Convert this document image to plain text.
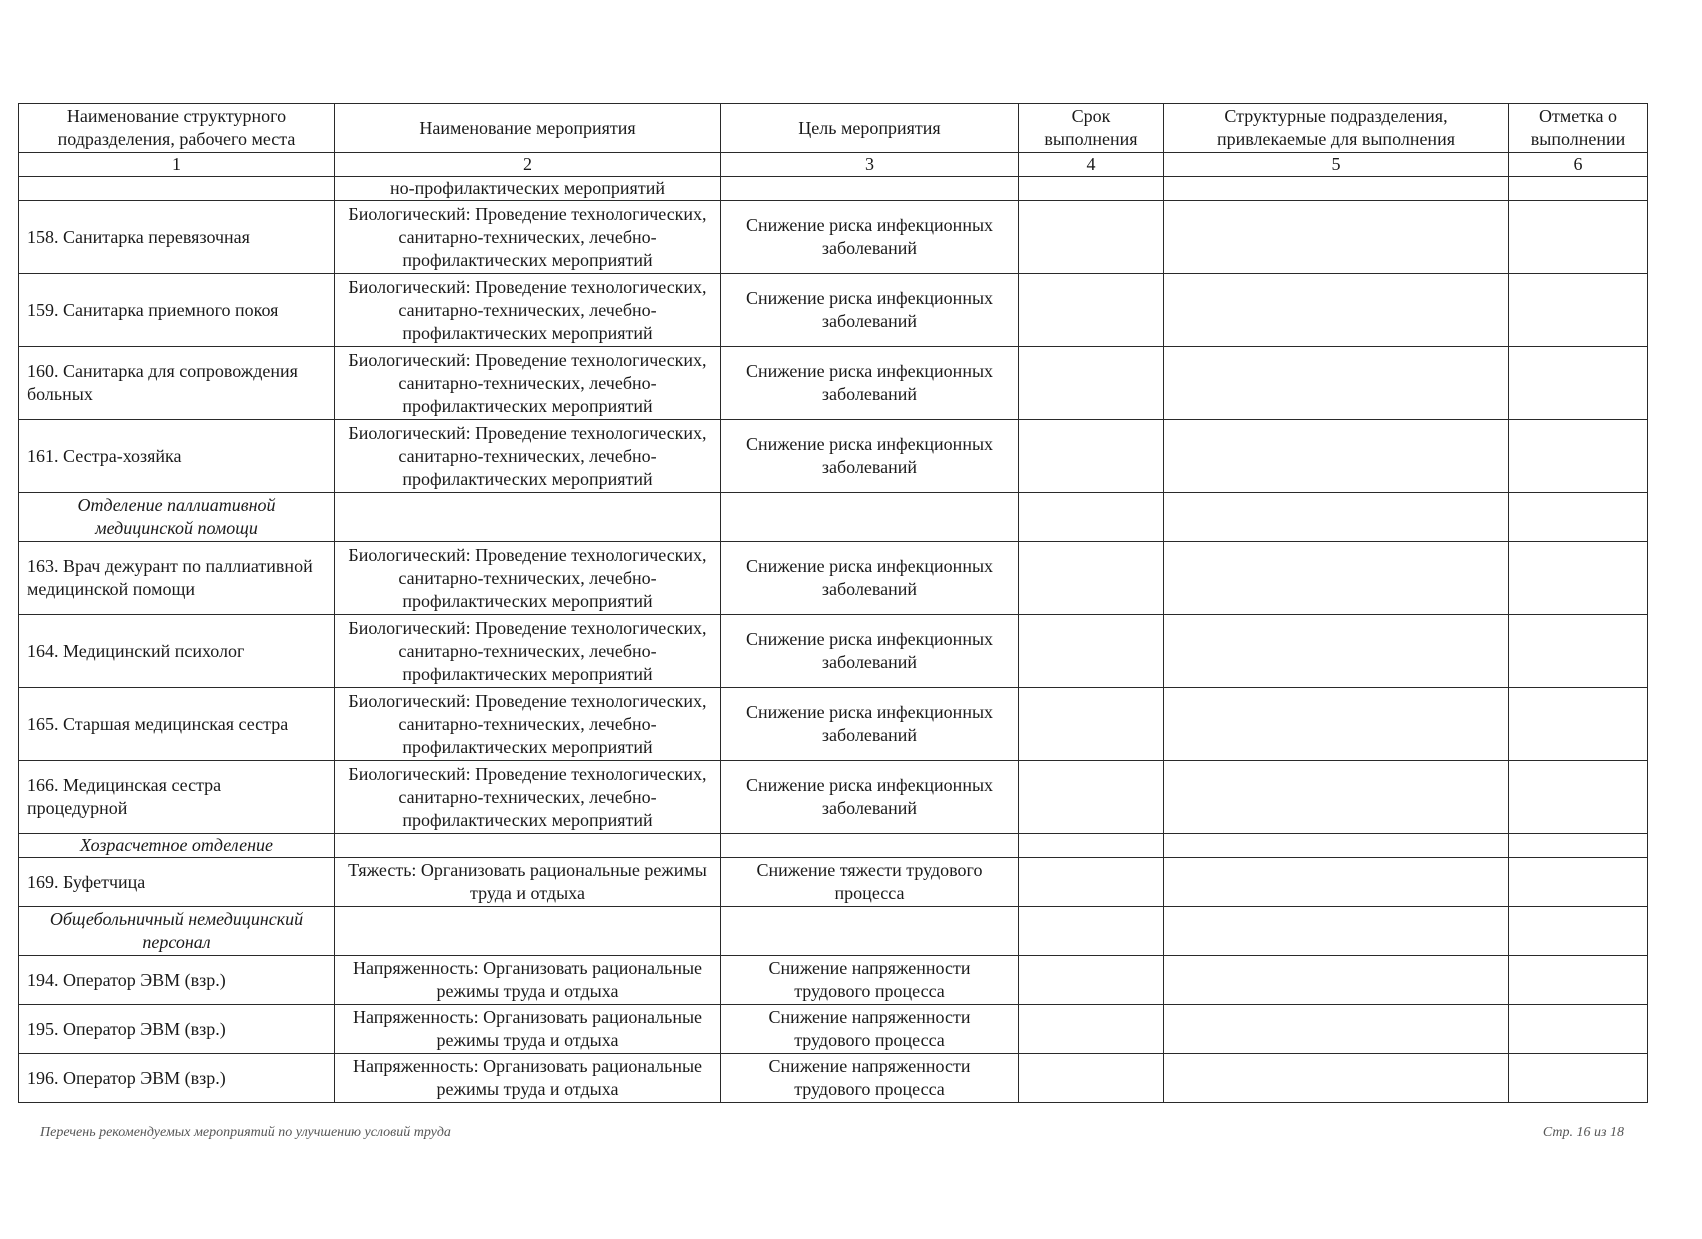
Наименование структурного подразделения, рабочего места	Наименование мероприятия	Цель мероприятия	Срок выполнения	Структурные подразделения, привлекаемые для выполнения	Отметка о выполнении
1	2	3	4	5	6
	но-профилактических мероприятий				
158. Санитарка перевязочная	Биологический: Проведение технологических, санитарно-технических, лечебно-профилактических мероприятий	Снижение риска инфекционных заболеваний			
159. Санитарка приемного покоя	Биологический: Проведение технологических, санитарно-технических, лечебно-профилактических мероприятий	Снижение риска инфекционных заболеваний			
160. Санитарка для сопровождения больных	Биологический: Проведение технологических, санитарно-технических, лечебно-профилактических мероприятий	Снижение риска инфекционных заболеваний			
161. Сестра-хозяйка	Биологический: Проведение технологических, санитарно-технических, лечебно-профилактических мероприятий	Снижение риска инфекционных заболеваний			
Отделение паллиативной медицинской помощи					
163. Врач дежурант по паллиативной медицинской помощи	Биологический: Проведение технологических, санитарно-технических, лечебно-профилактических мероприятий	Снижение риска инфекционных заболеваний			
164. Медицинский психолог	Биологический: Проведение технологических, санитарно-технических, лечебно-профилактических мероприятий	Снижение риска инфекционных заболеваний			
165. Старшая медицинская сестра	Биологический: Проведение технологических, санитарно-технических, лечебно-профилактических мероприятий	Снижение риска инфекционных заболеваний			
166. Медицинская сестра процедурной	Биологический: Проведение технологических, санитарно-технических, лечебно-профилактических мероприятий	Снижение риска инфекционных заболеваний			
Хозрасчетное отделение					
169. Буфетчица	Тяжесть: Организовать рациональные режимы труда и отдыха	Снижение тяжести трудового процесса			
Общебольничный немедицинский персонал					
194. Оператор ЭВМ (взр.)	Напряженность: Организовать рациональные режимы труда и отдыха	Снижение напряженности трудового процесса			
195. Оператор ЭВМ (взр.)	Напряженность: Организовать рациональные режимы труда и отдыха	Снижение напряженности трудового процесса			
196. Оператор ЭВМ (взр.)	Напряженность: Организовать рациональные режимы труда и отдыха	Снижение напряженности трудового процесса			
Перечень рекомендуемых мероприятий по улучшению условий труда	Стр. 16 из 18
